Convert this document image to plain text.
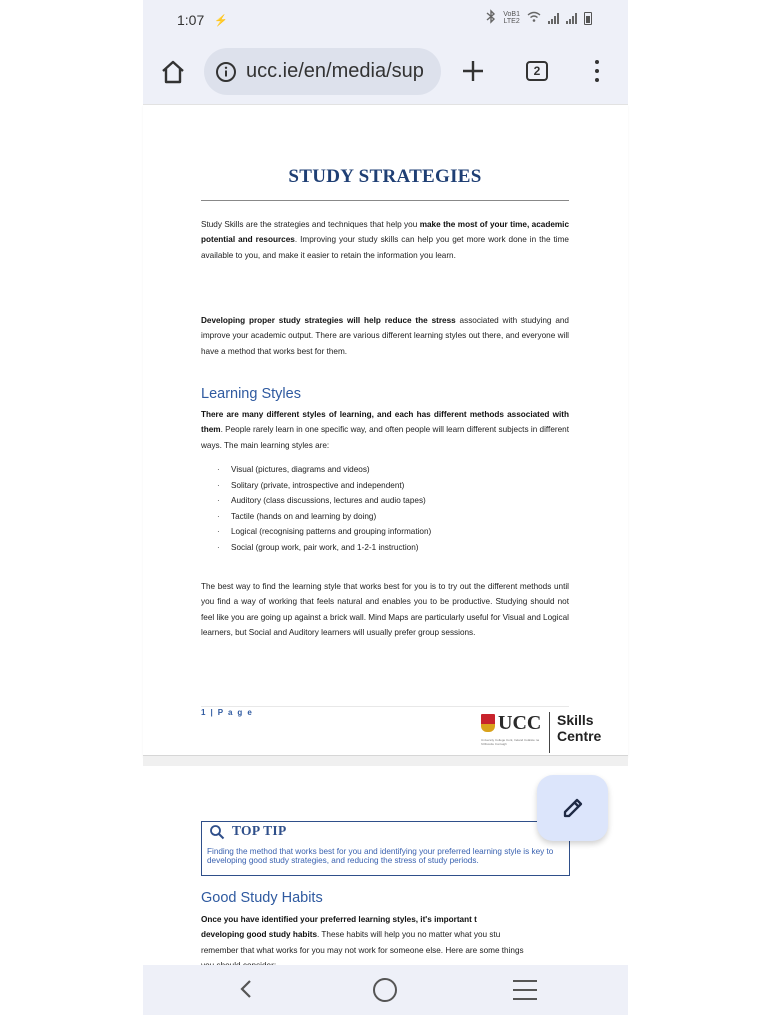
1:07 ⚡	VoB1
LTE2
ucc.ie/en/media/sup	2
STUDY STRATEGIES

Study Skills are the strategies and techniques that help you make the most of your time, academic potential and resources. Improving your study skills can help you get more work done in the time available to you, and make it easier to retain the information you learn.

Developing proper study strategies will help reduce the stress associated with studying and improve your academic output. There are various different learning styles out there, and everyone will have a method that works best for them.

Learning Styles

There are many different styles of learning, and each has different methods associated with them. People rarely learn in one specific way, and often people will learn different subjects in different ways. The main learning styles are:

· Visual (pictures, diagrams and videos)
· Solitary (private, introspective and independent)
· Auditory (class discussions, lectures and audio tapes)
· Tactile (hands on and learning by doing)
· Logical (recognising patterns and grouping information)
· Social (group work, pair work, and 1-2-1 instruction)

The best way to find the learning style that works best for you is to try out the different methods until you find a way of working that feels natural and enables you to be productive. Studying should not feel like you are going up against a brick wall. Mind Maps are particularly useful for Visual and Logical learners, but Social and Auditory learners will usually prefer group sessions.

1 | P a g e	UCC
University College Cork, Ireland Coláiste na hOllscoile Corcaigh
Skills
Centre
TOP TIP
Finding the method that works best for you and identifying your preferred learning style is key to developing good study strategies, and reducing the stress of study periods.
Good Study Habits

Once you have identified your preferred learning styles, it's important t
developing good study habits. These habits will help you no matter what you stu
remember that what works for you may not work for someone else. Here are some things
